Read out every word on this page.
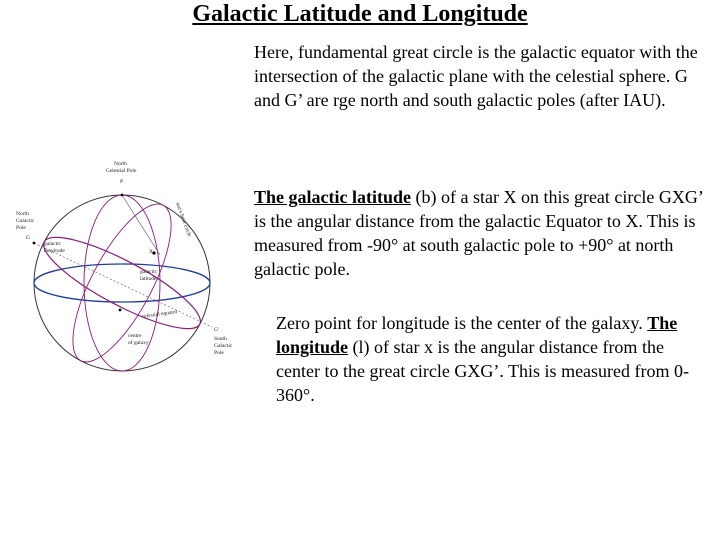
Galactic Latitude and Longitude

Here, fundamental great circle is the galactic equator with the intersection of the galactic plane with the celestial sphere. G and G’ are rge north and south galactic poles (after IAU).

The galactic latitude (b) of a star X on this great circle GXG’ is the angular distance from the galactic Equator to X. This is measured from -90° at south galactic pole to +90° at north galactic pole.

Zero point for longitude is the center of the galaxy. The longitude (l) of star x is the angular distance from the center to the great circle GXG’. This is measured from 0-360°.

North
Celestial Pole
P
North
Galactic
Pole
G
galactic
longitude	X
galactic
latitude
star's hour circle
celestial equator
centre
of galaxy
G'
South
Galactic
Pole
